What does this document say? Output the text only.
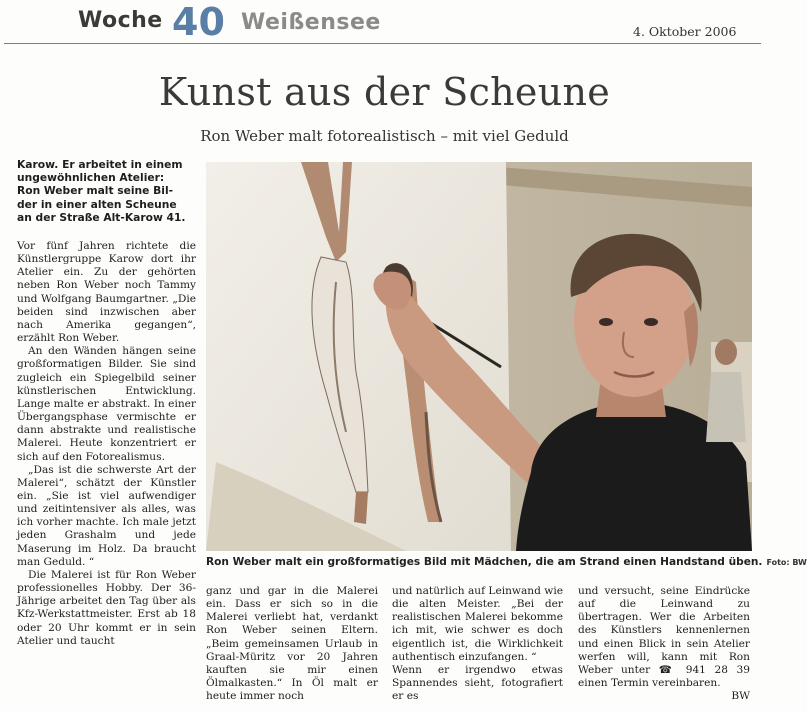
Woche 40 Weißensee	4. Oktober 2006
Kunst aus der Scheune
Ron Weber malt fotorealistisch – mit viel Geduld
Karow. Er arbeitet in einem
ungewöhnlichen Atelier:
Ron Weber malt seine Bil-
der in einer alten Scheune
an der Straße Alt-Karow 41.

Vor fünf Jahren richtete die Künstlergruppe Karow dort ihr Atelier ein. Zu der gehörten neben Ron Weber noch Tammy und Wolfgang Baumgartner. „Die beiden sind inzwischen aber nach Amerika gegangen“, erzählt Ron Weber.

An den Wänden hängen seine großformatigen Bilder. Sie sind zugleich ein Spiegelbild seiner künstlerischen Entwicklung. Lange malte er abstrakt. In einer Übergangsphase vermischte er dann abstrakte und realistische Malerei. Heute konzentriert er sich auf den Fotorealismus.

„Das ist die schwerste Art der Malerei“, schätzt der Künstler ein. „Sie ist viel aufwendiger und zeitintensiver als alles, was ich vorher machte. Ich male jetzt jeden Grashalm und jede Maserung im Holz. Da braucht man Geduld. “

Die Malerei ist für Ron Weber professionelles Hobby. Der 36-Jährige arbeitet den Tag über als Kfz-Werkstattmeister. Erst ab 18 oder 20 Uhr kommt er in sein Atelier und taucht

Ron Weber malt ein großformatiges Bild mit Mädchen, die am Strand einen Handstand üben. Foto: BW

ganz und gar in die Malerei ein. Dass er sich so in die Malerei verliebt hat, verdankt Ron Weber seinen Eltern. „Beim gemeinsamen Urlaub in Graal-Müritz vor 20 Jahren kauften sie mir einen Ölmalkasten.“ In Öl malt er heute immer noch

und natürlich auf Leinwand wie die alten Meister. „Bei der realistischen Malerei bekomme ich mit, wie schwer es doch eigentlich ist, die Wirklichkeit authentisch einzufangen. “

Wenn er irgendwo etwas Spannendes sieht, fotografiert er es

und versucht, seine Eindrücke auf die Leinwand zu übertragen. Wer die Arbeiten des Künstlers kennenlernen und einen Blick in sein Atelier werfen will, kann mit Ron Weber unter ☎ 941 28 39 einen Termin vereinbaren.

BW
